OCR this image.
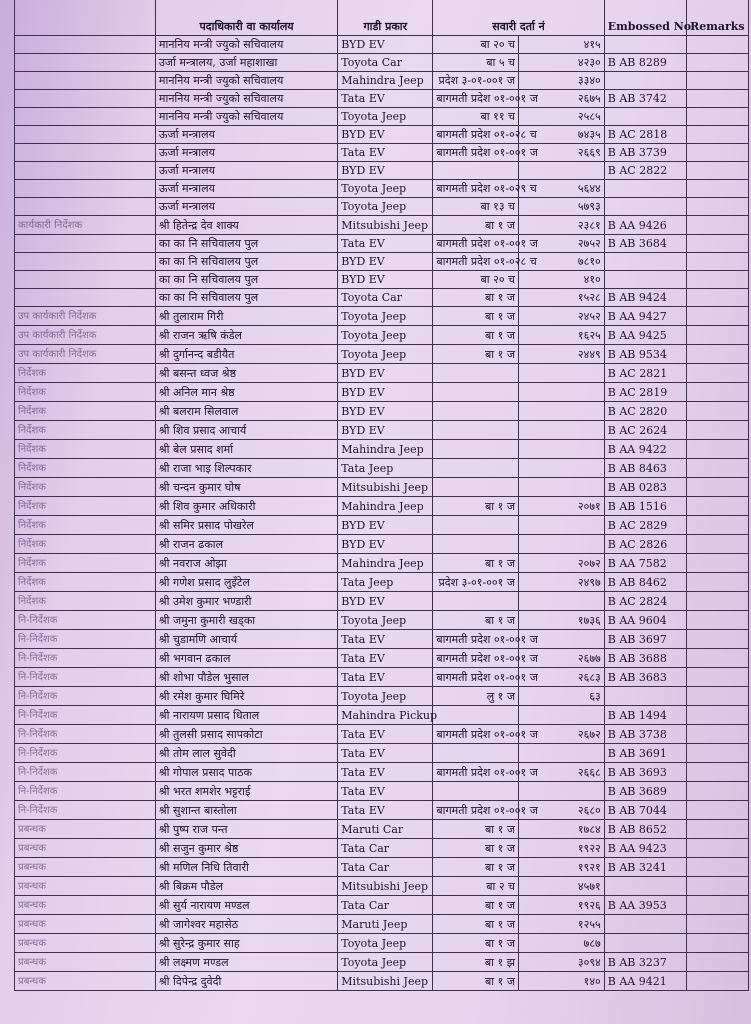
	पदाधिकारी वा कार्यालय	गाडी प्रकार	सवारी दर्ता नं		Embossed No.	Remarks
	माननिय मन्त्री ज्युको सचिवालय	BYD EV	बा २० च	४१५		
	उर्जा मन्त्रालय, उर्जा महाशाखा	Toyota Car	बा ५ च	४२३०	B AB 8289	
	माननिय मन्त्री ज्युको सचिवालय	Mahindra Jeep	प्रदेश ३-०१-००१ ज	३३४०		
	माननिय मन्त्री ज्युको सचिवालय	Tata EV	बागमती प्रदेश ०१-००१ ज	२६७५	B AB 3742	
	माननिय मन्त्री ज्युको सचिवालय	Toyota Jeep	बा ११ च	२५८५		
	ऊर्जा मन्त्रालय	BYD EV	बागमती प्रदेश ०१-०२८ च	७४३५	B AC 2818	
	ऊर्जा मन्त्रालय	Tata EV	बागमती प्रदेश ०१-००१ ज	२६६९	B AB 3739	
	ऊर्जा मन्त्रालय	BYD EV			B AC 2822	
	ऊर्जा मन्त्रालय	Toyota Jeep	बागमती प्रदेश ०१-०२९ च	५६४४		
	ऊर्जा मन्त्रालय	Toyota Jeep	बा १३ च	५७९३		
कार्यकारी निर्देशक	श्री हितेन्द्र देव शाक्य	Mitsubishi Jeep	बा १ ज	२३८१	B AA 9426	
	का का नि सचिवालय पुल	Tata EV	बागमती प्रदेश ०१-००१ ज	२७५२	B AB 3684	
	का का नि सचिवालय पुल	BYD EV	बागमती प्रदेश ०१-०२८ च	७८१०		
	का का नि सचिवालय पुल	BYD EV	बा २० च	४१०		
	का का नि सचिवालय पुल	Toyota Car	बा १ ज	१५२८	B AB 9424	
उप कार्यकारी निर्देशक	श्री तुलाराम गिरी	Toyota Jeep	बा १ ज	२४५२	B AA 9427	
उप कार्यकारी निर्देशक	श्री राजन ऋषि कंडेल	Toyota Jeep	बा १ ज	१६२५	B AA 9425	
उप कार्यकारी निर्देशक	श्री दुर्गानन्द बडीयैत	Toyota Jeep	बा १ ज	२४४९	B AB 9534	
निर्देशक	श्री बसन्त ध्वज श्रेष्ठ	BYD EV			B AC 2821	
निर्देशक	श्री अनिल मान श्रेष्ठ	BYD EV			B AC 2819	
निर्देशक	श्री बलराम सिलवाल	BYD EV			B AC 2820	
निर्देशक	श्री शिव प्रसाद आचार्य	BYD EV			B AC 2624	
निर्देशक	श्री बेल प्रसाद शर्मा	Mahindra Jeep			B AA 9422	
निर्देशक	श्री राजा भाइ शिल्पकार	Tata Jeep			B AB 8463	
निर्देशक	श्री चन्दन कुमार घोष	Mitsubishi Jeep			B AB 0283	
निर्देशक	श्री शिव कुमार अधिकारी	Mahindra Jeep	बा १ ज	२०७१	B AB 1516	
निर्देशक	श्री समिर प्रसाद पोखरेल	BYD EV			B AC 2829	
निर्देशक	श्री राजन ढकाल	BYD EV			B AC 2826	
निर्देशक	श्री नवराज ओझा	Mahindra Jeep	बा १ ज	२०७२	B AA 7582	
निर्देशक	श्री गणेश प्रसाद लुइँटेल	Tata Jeep	प्रदेश ३-०१-००१ ज	२४९७	B AB 8462	
निर्देशक	श्री उमेश कुमार भण्डारी	BYD EV			B AC 2824	
नि-निर्देशक	श्री जमुना कुमारी खड्का	Toyota Jeep	बा १ ज	१७३६	B AA 9604	
नि-निर्देशक	श्री चुडामणि आचार्य	Tata EV	बागमती प्रदेश ०१-००१ ज		B AB 3697	
नि-निर्देशक	श्री भगवान ढकाल	Tata EV	बागमती प्रदेश ०१-००१ ज	२६७७	B AB 3688	
नि-निर्देशक	श्री शोभा पौडेल भुसाल	Tata EV	बागमती प्रदेश ०१-००१ ज	२६८३	B AB 3683	
नि-निर्देशक	श्री रमेश कुमार घिमिरे	Toyota Jeep	लु १ ज	६३		
नि-निर्देशक	श्री नारायण प्रसाद धिताल	Mahindra Pickup			B AB 1494	
नि-निर्देशक	श्री तुलसी प्रसाद सापकोटा	Tata EV	बागमती प्रदेश ०१-००१ ज	२६७२	B AB 3738	
नि-निर्देशक	श्री तोम लाल सुवेदी	Tata EV			B AB 3691	
नि-निर्देशक	श्री गोपाल प्रसाद पाठक	Tata EV	बागमती प्रदेश ०१-००१ ज	२६६८	B AB 3693	
नि-निर्देशक	श्री भरत शमशेर भट्टराई	Tata EV			B AB 3689	
नि-निर्देशक	श्री सुशान्त बास्तोला	Tata EV	बागमती प्रदेश ०१-००१ ज	२६८०	B AB 7044	
प्रबन्धक	श्री पुष्प राज पन्त	Maruti Car	बा १ ज	१७८४	B AB 8652	
प्रबन्धक	श्री सजुन कुमार श्रेष्ठ	Tata Car	बा १ ज	१९२२	B AA 9423	
प्रबन्धक	श्री मणिल निधि तिवारी	Tata Car	बा १ ज	१९२१	B AB 3241	
प्रबन्धक	श्री बिक्रम पौडेल	Mitsubishi Jeep	बा २ च	४५७१		
प्रबन्धक	श्री सुर्य नारायण मण्डल	Tata Car	बा १ ज	१९२६	B AA 3953	
प्रबन्धक	श्री जागेश्वर महासेठ	Maruti Jeep	बा १ ज	१२५५		
प्रबन्धक	श्री सुरेन्द्र कुमार साह	Toyota Jeep	बा १ ज	७८७		
प्रबन्धक	श्री लक्ष्मण मण्डल	Toyota Jeep	बा १ झ	३०९४	B AB 3237	
प्रबन्धक	श्री दिपेन्द्र दुवेदी	Mitsubishi Jeep	बा १ ज	१४०	B AA 9421	
